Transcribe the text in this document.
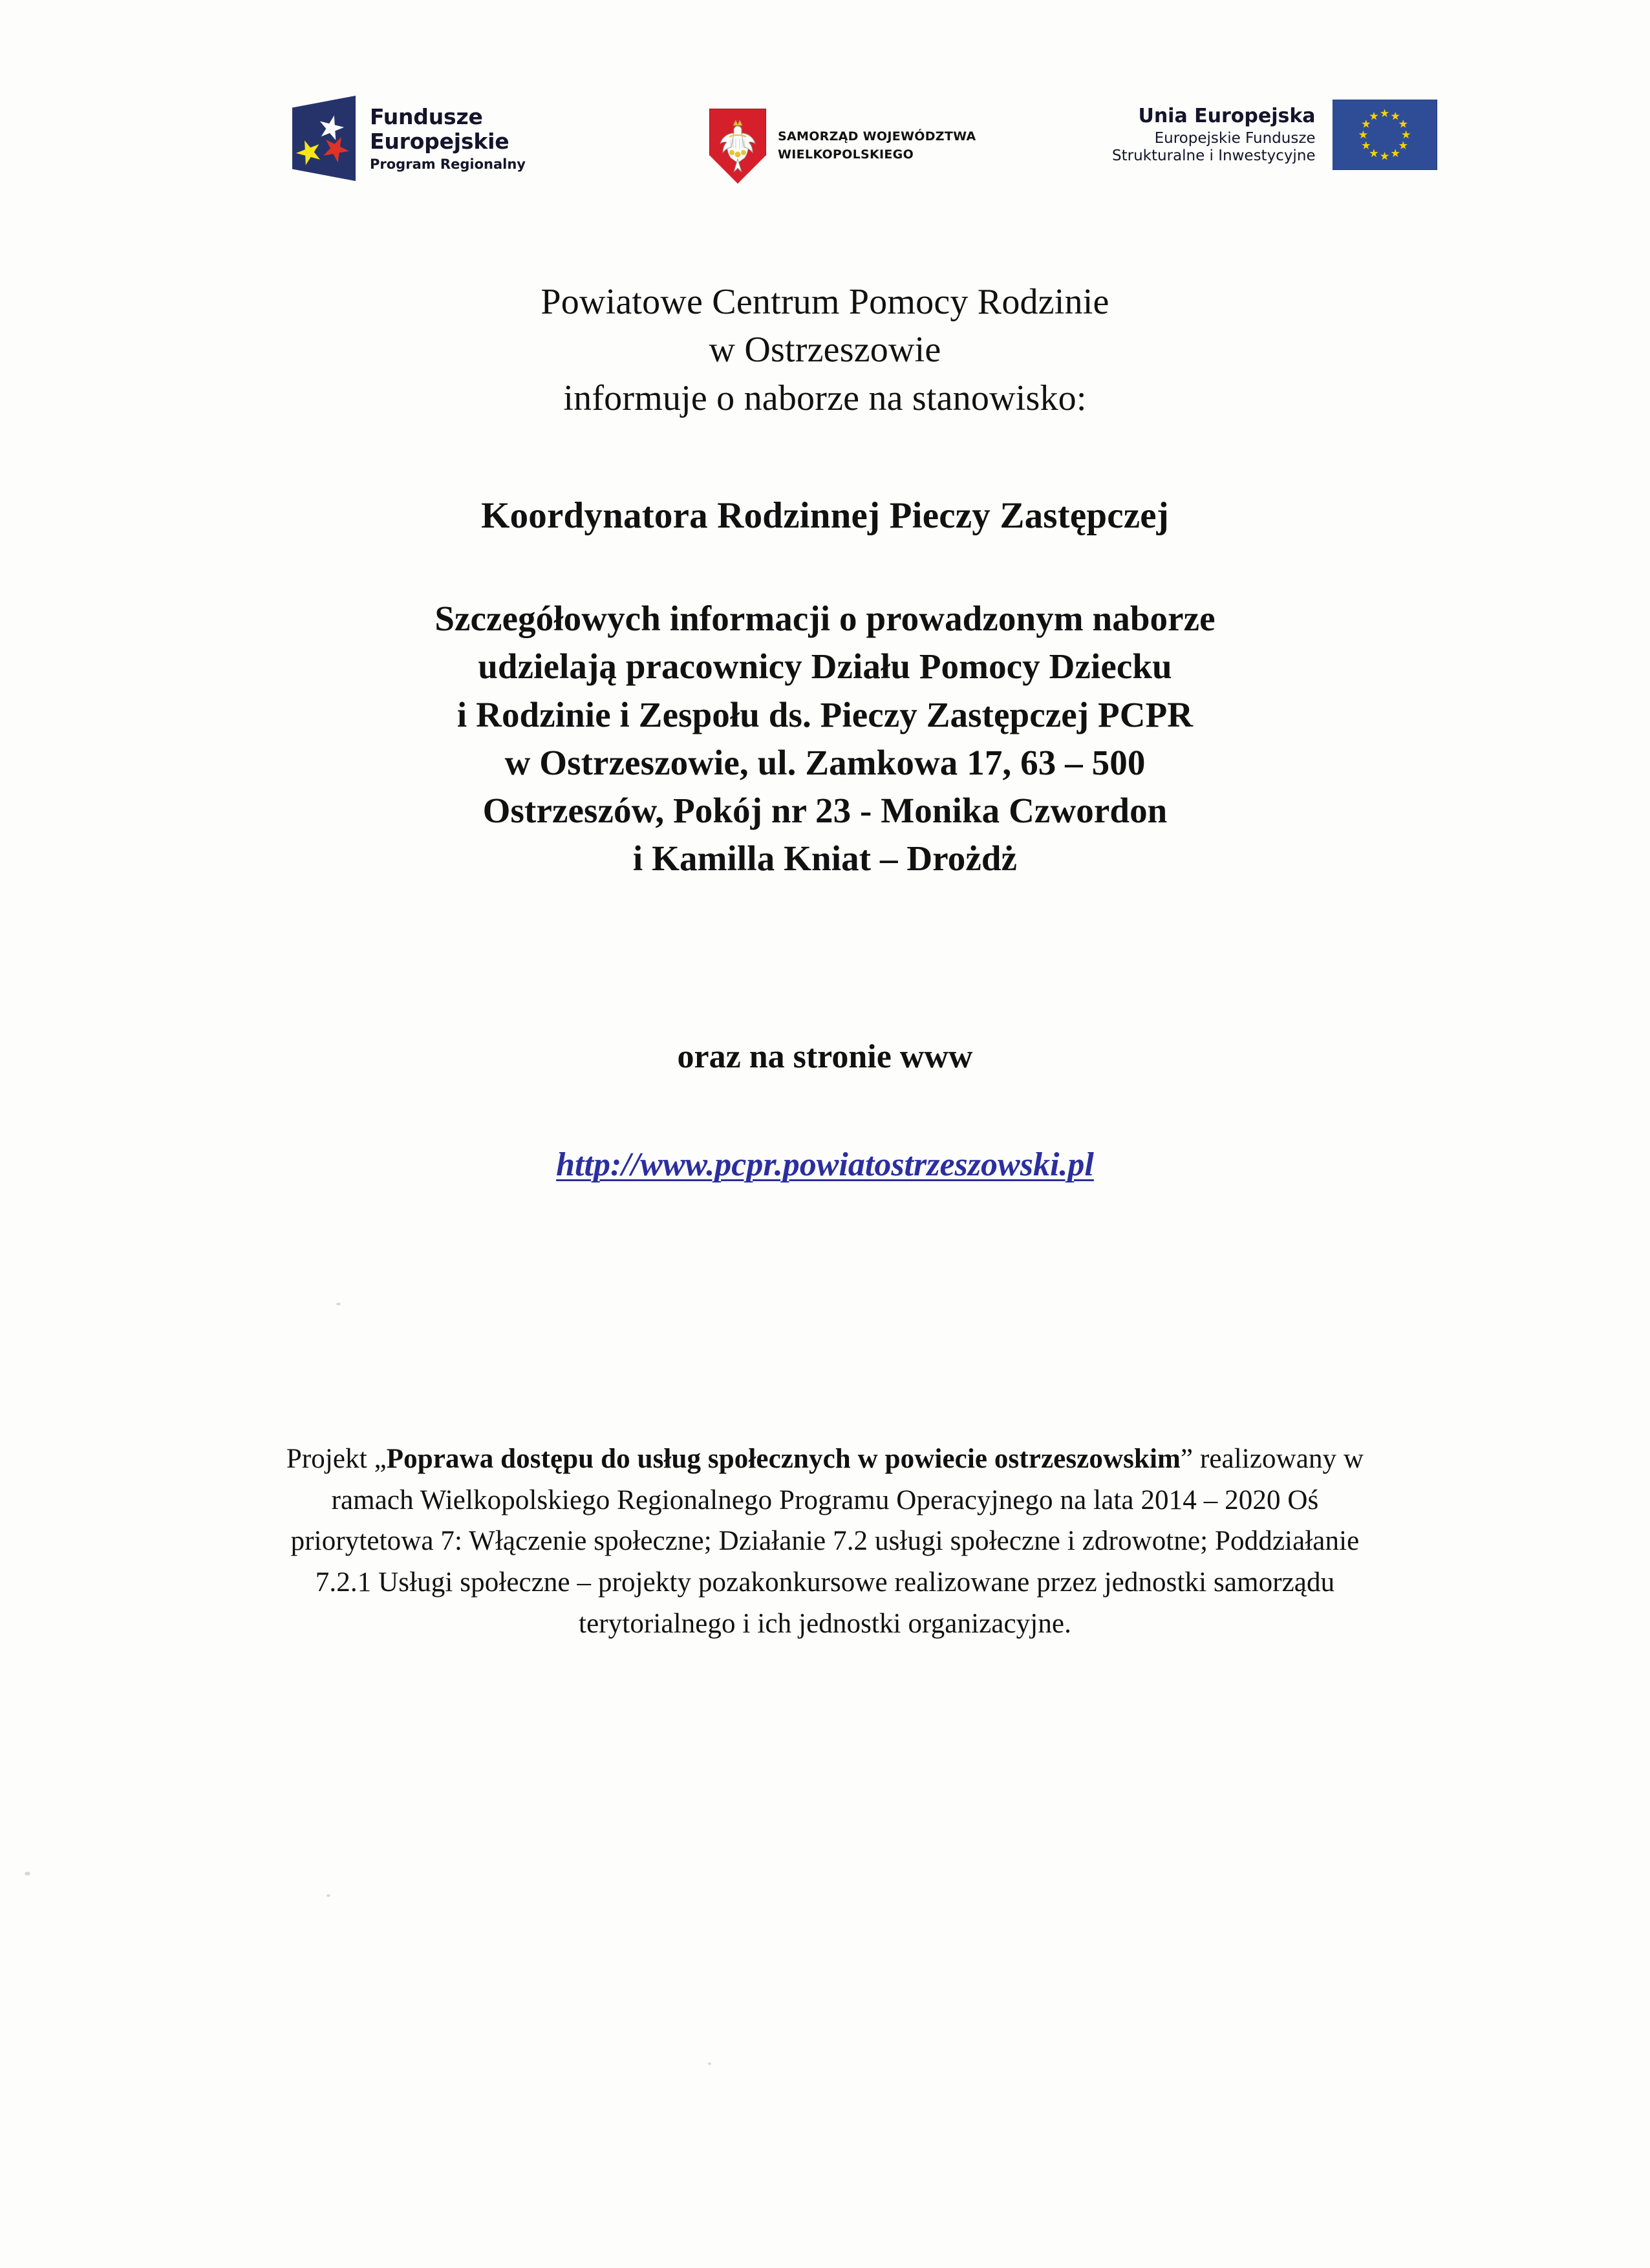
Fundusze
Europejskie
Program Regionalny
SAMORZĄD WOJEWÓDZTWA
WIELKOPOLSKIEGO
Unia Europejska
Europejskie Fundusze
Strukturalne i Inwestycyjne
Powiatowe Centrum Pomocy Rodzinie
w Ostrzeszowie
informuje o naborze na stanowisko:
Koordynatora Rodzinnej Pieczy Zastępczej
Szczegółowych informacji o prowadzonym naborze
udzielają pracownicy Działu Pomocy Dziecku
i Rodzinie i Zespołu ds. Pieczy Zastępczej PCPR
w Ostrzeszowie, ul. Zamkowa 17, 63 – 500
Ostrzeszów, Pokój nr 23 - Monika Czwordon
i Kamilla Kniat – Drożdż
oraz na stronie www
http://www.pcpr.powiatostrzeszowski.pl
Projekt „Poprawa dostępu do usług społecznych w powiecie ostrzeszowskim” realizowany w ramach Wielkopolskiego Regionalnego Programu Operacyjnego na lata 2014 – 2020 Oś priorytetowa 7: Włączenie społeczne; Działanie 7.2 usługi społeczne i zdrowotne; Poddziałanie 7.2.1 Usługi społeczne – projekty pozakonkursowe realizowane przez jednostki samorządu terytorialnego i ich jednostki organizacyjne.
